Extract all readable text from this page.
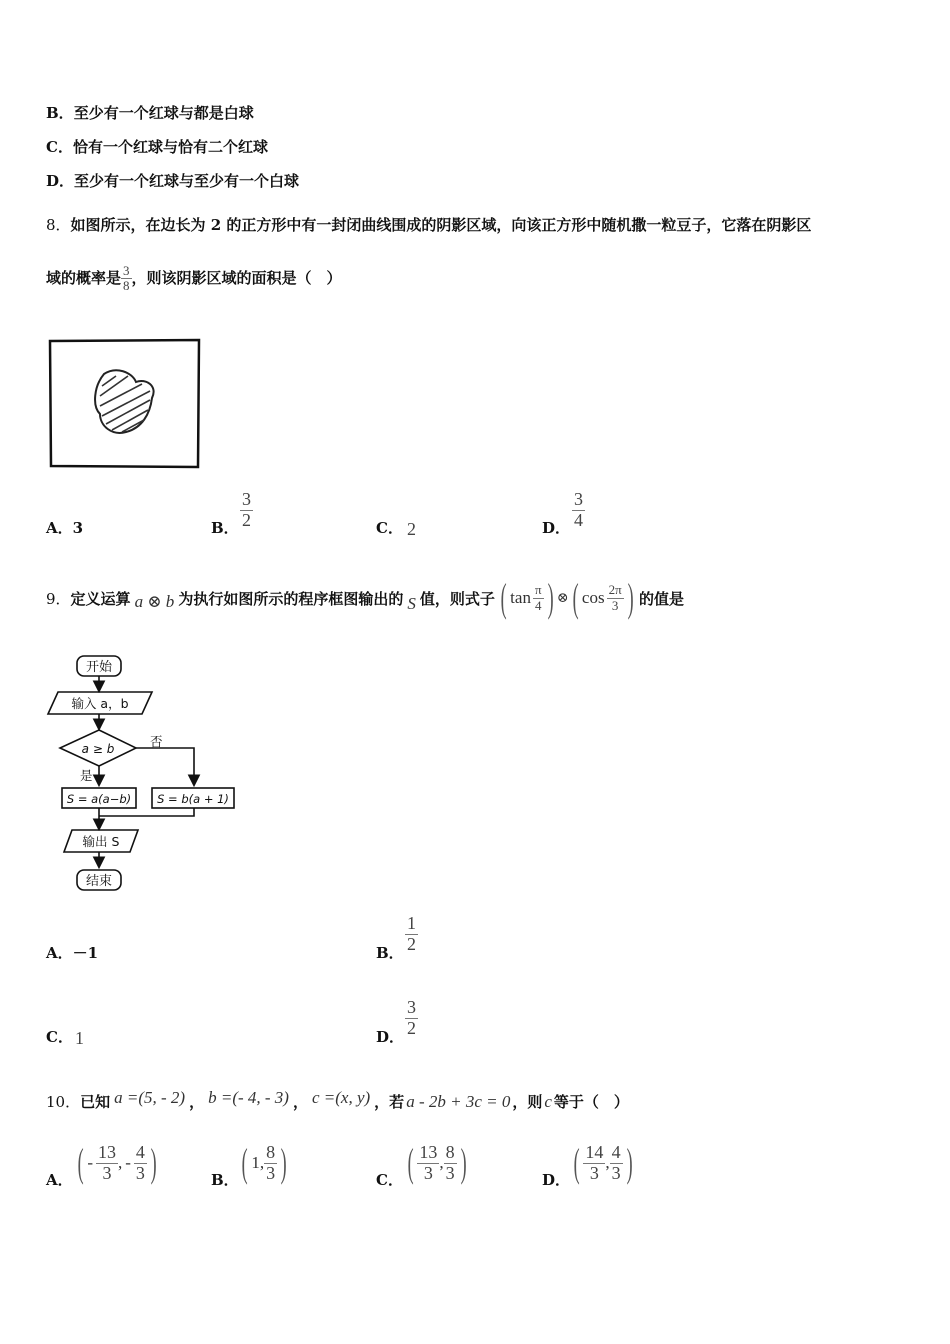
B．至少有一个红球与都是白球
C．恰有一个红球与恰有二个红球
D．至少有一个红球与至少有一个白球
8．如图所示，在边长为 2 的正方形中有一封闭曲线围成的阴影区域，向该正方形中随机撒一粒豆子，它落在阴影区
域的概率是 $\frac{3}{8}$ ，则该阴影区域的面积是（　）
A．3	B． $\frac{3}{2}$	C． 2	D． $\frac{3}{4}$
9． 定义运算 a ⊗ b 为执行如图所示的程序框图输出的 S 值，则式子 ( $\tan \frac{\pi}{4}$ ) ⊗ ( $\cos \frac{2\pi}{3}$ ) 的值是
开始
输入 a，b
a ≥ b	否
是
S = a(a−b) S = b(a + 1)
输出 S
结束
A．－1	B． $\frac{1}{2}$
C． 1	D． $\frac{3}{2}$
10． 已知 a =(5, - 2) ， b =(- 4, - 3) ， c =(x, y) ，若 a - 2b + 3c = 0 ，则 c 等于（　）
A． ( - $\frac{13}{3}$ , - $\frac{4}{3}$ )	B． ( 1, $\frac{8}{3}$ )	C． ( $\frac{13}{3}$ , $\frac{8}{3}$ )	D． ( $\frac{14}{3}$ , $\frac{4}{3}$ )
